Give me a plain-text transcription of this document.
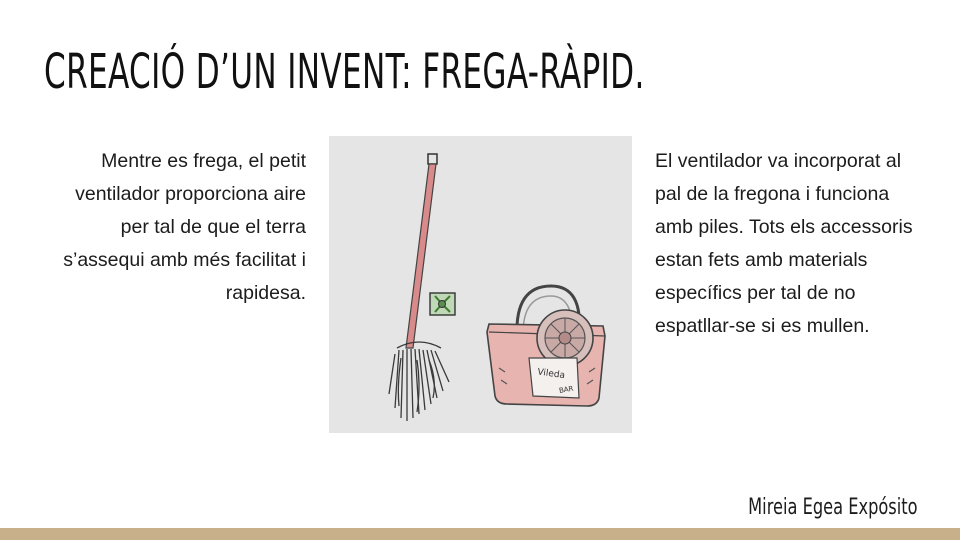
CREACIÓ D’UN INVENT: FREGA-RÀPID.

Mentre es frega, el petit ventilador proporciona aire per tal de que el terra s’assequi amb més facilitat i rapidesa.

Vileda
BAR

El ventilador va incorporat al pal de la fregona i funciona amb piles. Tots els accessoris estan fets amb materials específics per tal de no espatllar-se si es mullen.

Mireia Egea Expósito
